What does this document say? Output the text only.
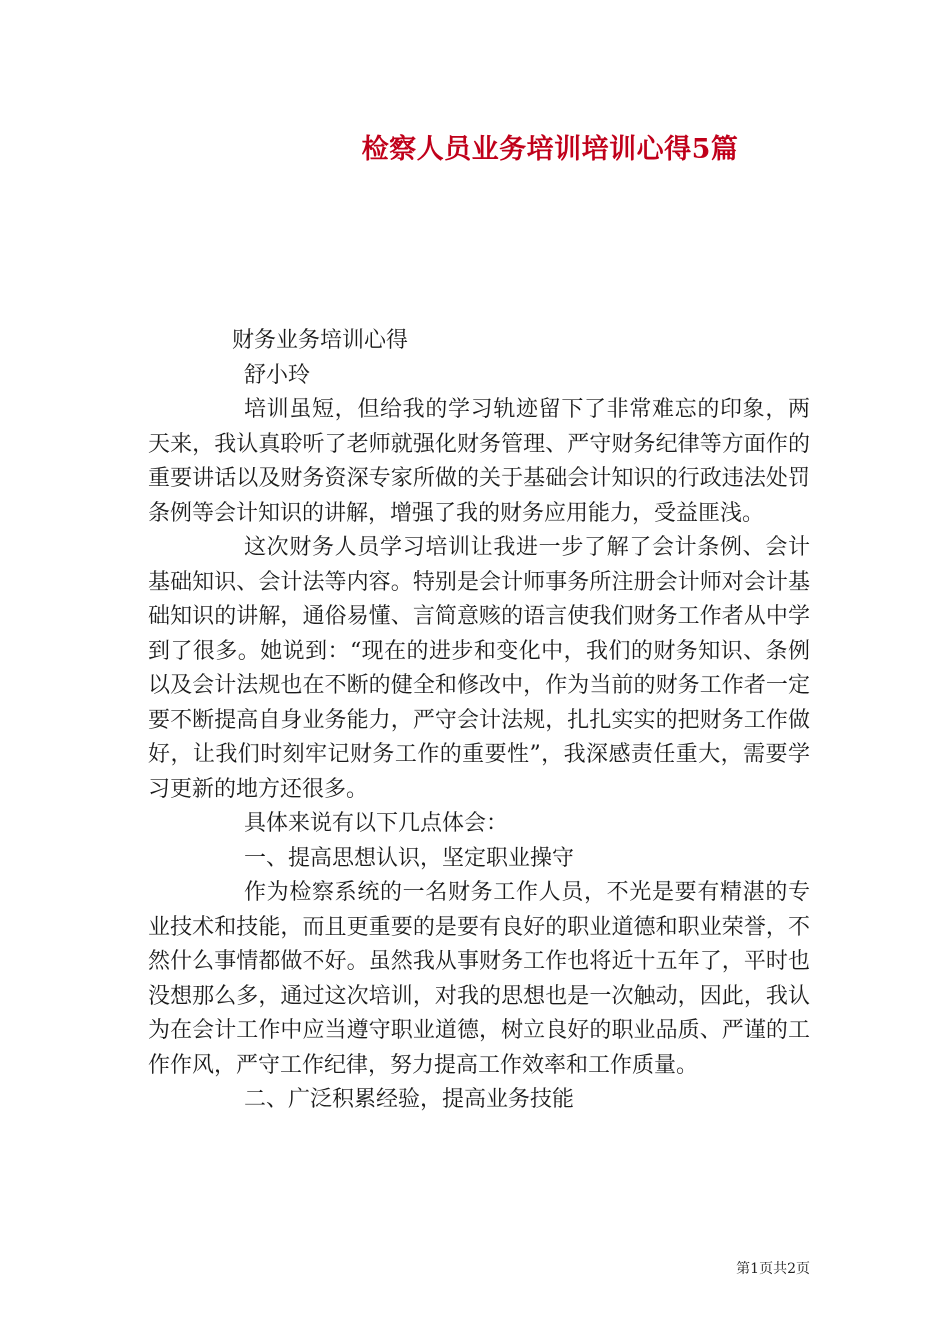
检察人员业务培训培训心得5篇

财务业务培训心得

舒小玲

培训虽短，但给我的学习轨迹留下了非常难忘的印象，两天来，我认真聆听了老师就强化财务管理、严守财务纪律等方面作的重要讲话以及财务资深专家所做的关于基础会计知识的行政违法处罚条例等会计知识的讲解，增强了我的财务应用能力，受益匪浅。

这次财务人员学习培训让我进一步了解了会计条例、会计基础知识、会计法等内容。特别是会计师事务所注册会计师对会计基础知识的讲解，通俗易懂、言简意赅的语言使我们财务工作者从中学到了很多。她说到：“现在的进步和变化中，我们的财务知识、条例以及会计法规也在不断的健全和修改中，作为当前的财务工作者一定要不断提高自身业务能力，严守会计法规，扎扎实实的把财务工作做好，让我们时刻牢记财务工作的重要性”，我深感责任重大，需要学习更新的地方还很多。

具体来说有以下几点体会：

一、提高思想认识，坚定职业操守

作为检察系统的一名财务工作人员，不光是要有精湛的专业技术和技能，而且更重要的是要有良好的职业道德和职业荣誉，不然什么事情都做不好。虽然我从事财务工作也将近十五年了，平时也没想那么多，通过这次培训，对我的思想也是一次触动，因此，我认为在会计工作中应当遵守职业道德，树立良好的职业品质、严谨的工作作风，严守工作纪律，努力提高工作效率和工作质量。

二、广泛积累经验，提高业务技能

第1页共2页
